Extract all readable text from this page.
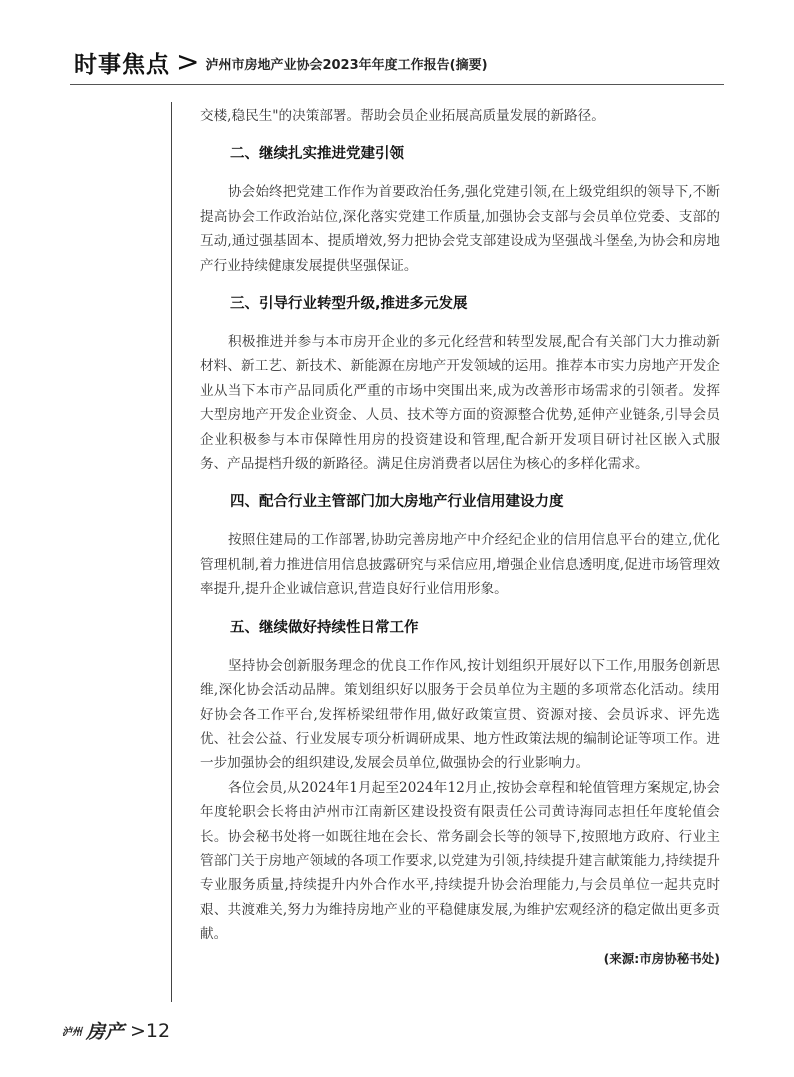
时事焦点 > 泸州市房地产业协会2023年年度工作报告(摘要)

交楼,稳民生"的决策部署。帮助会员企业拓展高质量发展的新路径。

二、继续扎实推进党建引领

协会始终把党建工作作为首要政治任务,强化党建引领,在上级党组织的领导下,不断提高协会工作政治站位,深化落实党建工作质量,加强协会支部与会员单位党委、支部的互动,通过强基固本、提质增效,努力把协会党支部建设成为坚强战斗堡垒,为协会和房地产行业持续健康发展提供坚强保证。

三、引导行业转型升级,推进多元发展

积极推进并参与本市房开企业的多元化经营和转型发展,配合有关部门大力推动新材料、新工艺、新技术、新能源在房地产开发领域的运用。推荐本市实力房地产开发企业从当下本市产品同质化严重的市场中突围出来,成为改善形市场需求的引领者。发挥大型房地产开发企业资金、人员、技术等方面的资源整合优势,延伸产业链条,引导会员企业积极参与本市保障性用房的投资建设和管理,配合新开发项目研讨社区嵌入式服务、产品提档升级的新路径。满足住房消费者以居住为核心的多样化需求。

四、配合行业主管部门加大房地产行业信用建设力度

按照住建局的工作部署,协助完善房地产中介经纪企业的信用信息平台的建立,优化管理机制,着力推进信用信息披露研究与采信应用,增强企业信息透明度,促进市场管理效率提升,提升企业诚信意识,营造良好行业信用形象。

五、继续做好持续性日常工作

坚持协会创新服务理念的优良工作作风,按计划组织开展好以下工作,用服务创新思维,深化协会活动品牌。策划组织好以服务于会员单位为主题的多项常态化活动。续用好协会各工作平台,发挥桥梁纽带作用,做好政策宣贯、资源对接、会员诉求、评先选优、社会公益、行业发展专项分析调研成果、地方性政策法规的编制论证等项工作。进一步加强协会的组织建设,发展会员单位,做强协会的行业影响力。

各位会员,从2024年1月起至2024年12月止,按协会章程和轮值管理方案规定,协会年度轮职会长将由泸州市江南新区建设投资有限责任公司黄诗海同志担任年度轮值会长。协会秘书处将一如既往地在会长、常务副会长等的领导下,按照地方政府、行业主管部门关于房地产领域的各项工作要求,以党建为引领,持续提升建言献策能力,持续提升专业服务质量,持续提升内外合作水平,持续提升协会治理能力,与会员单位一起共克时艰、共渡难关,努力为维持房地产业的平稳健康发展,为维护宏观经济的稳定做出更多贡献。

(来源:市房协秘书处)
泸州 房产 >12
